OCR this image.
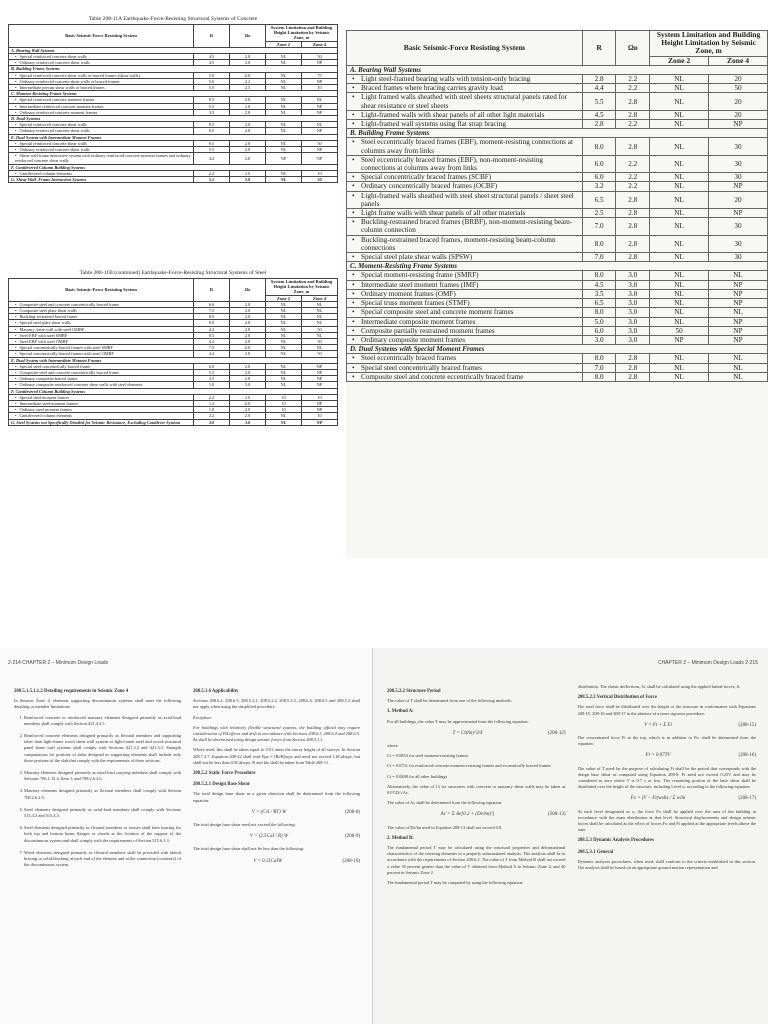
Table 208-11A Earthquake-Force-Resisting Structural Systems of Concrete
Basic Seismic-Force Resisting System	R	Ωo	System Limitation and Building Height Limitation by Seismic Zone, m	
			Zone 2	Zone 4
A. Bearing Wall Systems				
• Special reinforced concrete shear walls	4.5	2.8	NL	50
• Ordinary reinforced concrete shear walls	4.5	2.8	NL	NP
B. Building Frame Systems				
• Special reinforced concrete shear walls or braced frames (shear walls)	5.0	2.8	NL	75
• Ordinary reinforced concrete shear walls or braced frames	5.6	2.2	NL	NP
• Intermediate precast shear walls or braced frames	5.0	2.5	NL	10
C. Moment-Resisting Frame Systems				
• Special reinforced concrete moment frames	8.5	2.8	NL	NL
• Intermediate reinforced concrete moment frames	5.5	2.8	NL	NP
• Ordinary reinforced concrete moment frames	3.5	2.8	NL	NP
D. Dual Systems				
• Special reinforced concrete shear walls	8.5	2.8	NL	NL
• Ordinary reinforced concrete shear walls	6.5	2.8	NL	NP
E. Dual System with Intermediate Moment Frames				
• Special reinforced concrete shear walls	6.5	2.8	NL	50
• Ordinary reinforced concrete shear walls	5.5	2.8	NL	NP
• Shear wall frame interactive system with ordinary reinforced concrete moment frames and ordinary reinforced concrete shear walls	4.2	2.8	NP	NP
F. Cantilevered Column Building Systems				
• Cantilevered column elements	2.2	2.0	NL	10
G. Shear Wall- Frame Interaction Systems	5.5	2.8	NL	50
Table 208-11B (continued) Earthquake-Force-Resisting Structural Systems of Steel
Basic Seismic-Force Resisting System	R	Ωo	System Limitation and Building Height Limitation by Seismic Zone, m	
			Zone 2	Zone 4
• Composite steel and concrete concentrically braced frame	6.0	2.8	NL	NL
• Composite steel plate shear walls	7.5	2.8	NL	NL
• Buckling-restrained braced frame	8.0	2.8	NL	NL
• Special steel plate shear walls	8.0	2.8	NL	NL
• Masonry shear wall with steel OMRF	4.2	2.8	NL	50
• Steel EBF with steel SMRF	8.5	2.8	NL	NL
• Steel EBF with steel OMRF	4.2	2.8	NL	50
• Special concentrically braced frames with steel SMRF	7.5	2.8	NL	NL
• Special concentrically braced frames with steel OMRF	4.2	2.8	NL	50
E. Dual System with Intermediate Moment Frames				
• Special steel concentrically braced frame	6.0	2.8	NL	NP
• Composite steel and concrete concentrically braced frame	5.5	2.8	NL	NP
• Ordinary composite braced frame	3.5	2.8	NL	NP
• Ordinary composite reinforced concrete shear walls with steel elements	5.0	3.0	NL	NP
F. Cantilevered Column Building Systems				
• Special steel moment frames	2.2	2.0	10	10
• Intermediate steel moment frames	1.2	2.0	10	NP
• Ordinary steel moment frames	1.0	2.0	10	NP
• Cantilevered column elements	2.2	2.0	NL	10
G. Steel Systems not Specifically Detailed for Seismic Resistance, Excluding Cantilever Systems	3.0	3.0	NL	NP
Basic Seismic-Force Resisting System	R	Ωo	System Limitation and Building Height Limitation by Seismic Zone, m	
			Zone 2	Zone 4
A. Bearing Wall Systems				
• Light steel-framed bearing walls with tension-only bracing	2.8	2.2	NL	20
• Braced frames where bracing carries gravity load	4.4	2.2	NL	50
• Light framed walls sheathed with steel sheets structural panels rated for shear resistance or steel sheets	5.5	2.8	NL	20
• Light-framed walls with shear panels of all other light materials	4.5	2.8	NL	20
• Light-framed wall systems using flat strap bracing	2.8	2.2	NL	NP
B. Building Frame Systems				
• Steel eccentrically braced frames (EBF), moment-resisting connections at columns away from links	8.0	2.8	NL	30
• Steel eccentrically braced frames (EBF), non-moment-resisting connections at columns away from links	6.0	2.2	NL	30
• Special concentrically braced frames (SCBF)	6.0	2.2	NL	30
• Ordinary concentrically braced frames (OCBF)	3.2	2.2	NL	NP
• Light-framed walls sheathed with steel sheet structural panels / sheet steel panels	6.5	2.8	NL	20
• Light frame walls with shear panels of all other materials	2.5	2.8	NL	NP
• Buckling-restrained braced frames (BRBF), non-moment-resisting beam-column connection	7.0	2.8	NL	30
• Buckling-restrained braced frames, moment-resisting beam-column connections	8.0	2.8	NL	30
• Special steel plate shear walls (SPSW)	7.0	2.8	NL	30
C. Moment-Resisting Frame Systems				
• Special moment-resisting frame (SMRF)	8.0	3.0	NL	NL
• Intermediate steel moment frames (IMF)	4.5	3.0	NL	NP
• Ordinary moment frames (OMF)	3.5	3.0	NL	NP
• Special truss moment frames (STMF)	6.5	3.0	NL	NP
• Special composite steel and concrete moment frames	8.0	3.0	NL	NL
• Intermediate composite moment frames	5.0	3.0	NL	NP
• Composite partially restrained moment frames	6.0	3.0	50	NP
• Ordinary composite moment frames	3.0	3.0	NP	NP
D. Dual Systems with Special Moment Frames				
• Steel eccentrically braced frames	8.0	2.8	NL	NL
• Special steel concentrically braced frames	7.0	2.8	NL	NL
• Composite steel and concrete eccentrically braced frame	8.0	2.8	NL	NL
2-214 CHAPTER 2 – Minimum Design Loads
208.5.1.5.1.1.2 Detailing requirements in Seismic Zone 4

In Seismic Zone 4, elements supporting discontinuous systems shall meet the following detailing or member limitations:

1. Reinforced concrete or reinforced masonry elements designed primarily as axial-load members shall comply with Section 421.4.4.5.
2. Reinforced concrete elements designed primarily as flexural members and supporting other than light-frame wood shear wall system or light-frame steel and wood structural panel shear wall systems shall comply with Sections 421.3.2 and 421.3.3. Strength computations for portions of slabs designed as supporting elements shall include only those portions of the slab that comply with the requirements of these sections.
3. Masonry elements designed primarily as axial-load carrying members shall comply with Sections 706.1.12.4, Item 1, and 708.2.6.2.6.
4. Masonry elements designed primarily as flexural members shall comply with Section 708.2.6.2.5.
5. Steel elements designed primarily as axial-load members shall comply with Sections 515.4.2 and 515.4.3.
6. Steel elements designed primarily as flexural members or trusses shall have bracing for both top and bottom beam flanges or chords at the location of the support of the discontinuous system and shall comply with the requirements of Section 515.6.1.3.
7. Wood elements designed primarily as flexural members shall be provided with lateral bracing or solid blocking at each end of the element and at the connection location(s) of the discontinuous system.
208.5.1.6 Applicability

Sections 208.6.2, 208.6.3, 208.5.2.1, 208.5.2.2, 208.5.2.3, 208.6.4, 208.6.5 and 208.5.3 shall not apply when using the simplified procedure.

Exception:

For buildings with relatively flexible structural systems, the building official may require consideration of PΔ effects and drift in accordance with Sections 208.6.3, 208.6.4 and 208.6.5. Δs shall be determined using design seismic forces from Section 208.5.1.1.

Where used, Δm shall be taken equal to 0.01 times the storey height of all storeys. In Section 208.7.2.7, Equation 208-22 shall read Fpx = (Rt/R)wpx and need not exceed 1.6CaIwpx, but shall not be less than 0.5CaIwpx. R and Ωo shall be taken from Table 208-11.

208.5.2 Static Force Procedure
208.5.2.1 Design Base Shear

The total design base shear in a given direction shall be determined from the following equation:

V = (CvI / RT) W	(208-8)

The total design base shear need not exceed the following:

V = (2.5CaI / R) W	(208-9)

The total design base shear shall not be less than the following:

V = 0.11CaIW	(208-10)
CHAPTER 2 – Minimum Design Loads 2-215
208.5.2.2 Structure Period

The value of T shall be determined from one of the following methods:

1. Method A:

For all buildings, the value T may be approximated from the following equation:

T = Ct(hn)^3/4	(208-12)

where

Ct = 0.0853 for steel moment-resisting frames

Ct = 0.0731 for reinforced concrete moment-resisting frames and eccentrically braced frames

Ct = 0.0488 for all other buildings

Alternatively, the value of Ct for structures with concrete or masonry shear walls may be taken as 0.0743/√Ac.

The value of Ac shall be determined from the following equation:

Ac = Σ Ae[0.2 + (De/hn)²]	(208-13)

The value of De/hn used in Equation 208-13 shall not exceed 0.9.

2. Method B:

The fundamental period T may be calculated using the structural properties and deformational characteristics of the resisting elements in a properly substantiated analysis. The analysis shall be in accordance with the requirements of Section 208.6.2. The value of T from Method B shall not exceed a value 30 percent greater than the value of T obtained from Method A in Seismic Zone 4, and 40 percent in Seismic Zone 2.

The fundamental period T may be computed by using the following equation:

distribution. The elastic deflections, δi, shall be calculated using the applied lateral forces, fi.

208.5.2.3 Vertical Distribution of Force

The total force shall be distributed over the height of the structure in conformance with Equations 208-15, 208-16 and 208-17 in the absence of a more rigorous procedure.

V = Ft + Σ Fi	(208-15)

The concentrated force Ft at the top, which is in addition to Fn, shall be determined from the equation:

Ft = 0.07TV	(208-16)

The value of T used for the purpose of calculating Ft shall be the period that corresponds with the design base shear as computed using Equation 208-8. Ft need not exceed 0.25V and may be considered as zero where T is 0.7 s or less. The remaining portion of the base shear shall be distributed over the height of the structure, including Level n, according to the following equation:

Fx = (V − Ft)wxhx / Σ wihi	(208-17)

At each level designated as x, the force Fx shall be applied over the area of the building in accordance with the mass distribution at that level. Structural displacements and design seismic forces shall be calculated as the effect of forces Fx and Ft applied at the appropriate levels above the base.

208.5.3 Dynamic Analysis Procedures
208.5.3.1 General

Dynamic analyses procedures, when used, shall conform to the criteria established in this section. The analysis shall be based on an appropriate ground motion representation and
